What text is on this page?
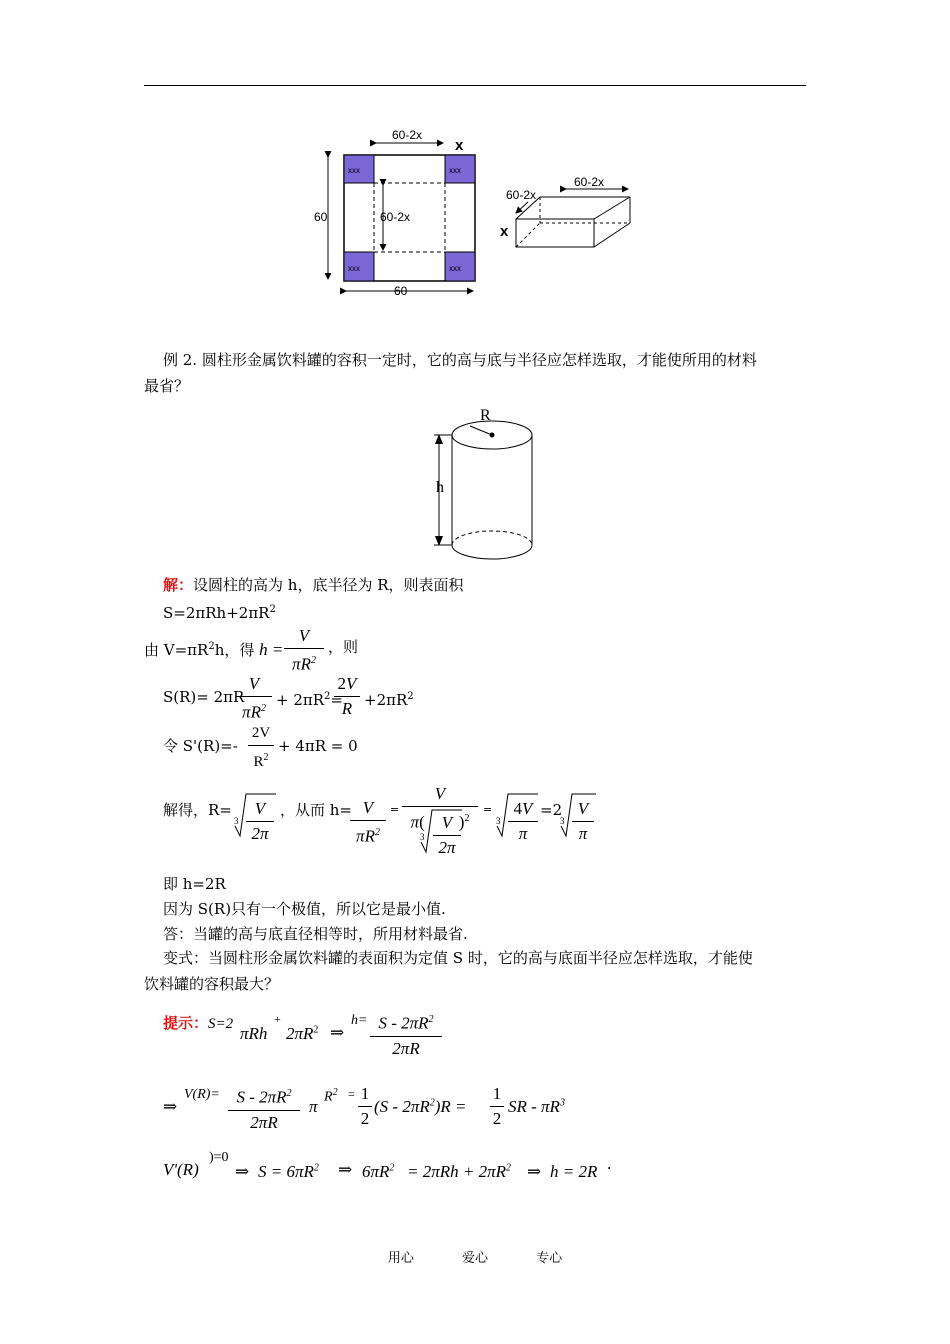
60-2x
x
60	60-2x
60
xxx	xxx
xxx	xxx
60-2x
60-2x
x
例 2. 圆柱形金属饮料罐的容积一定时，它的高与底与半径应怎样选取，才能使所用的材料
最省？
R
h
解：设圆柱的高为 h，底半径为 R，则表面积
$S=2\pi Rh+2\pi R^2$
由 $V=\pi R^2h$，得 h =
V
$\pi R^2$
，则
S(R)= 2πR
V
$\pi R^2 + 2\pi R^2=$
2V
$R +2\pi R^2$
令 S'(R)=-
2V
$R^2$
+ 4πR = 0
解得，R=
3
V
2π
，从而 h= V
$\pi R^2$
=
V
π( )$^2$
3
V
2π
=
3
4V
π
=2
3
V
π
即 h=2R
因为 S(R)只有一个极值，所以它是最小值.
答：当罐的高与底直径相等时，所用材料最省.
变式：当圆柱形金属饮料罐的表面积为定值 S 时，它的高与底面半径应怎样选取，才能使
饮料罐的容积最大？
提示：S=2 πRh
+
$2\pi R^2$ ⇒
$h= S - 2\pi R^2$
2πR
⇒
$V(R)= S - 2\pi R^2$
2πR
π $R^2 = 1$
2
$(S - 2\pi R^2)R$ =
1
2
SR - $\pi R^3$
V'(R)
)=0
⇒ $S = 6\pi R^2$ ⇒ $6\pi R^2 = 2\pi Rh + 2\pi R^2$ ⇒ h = 2R .
用心	爱心	专心
